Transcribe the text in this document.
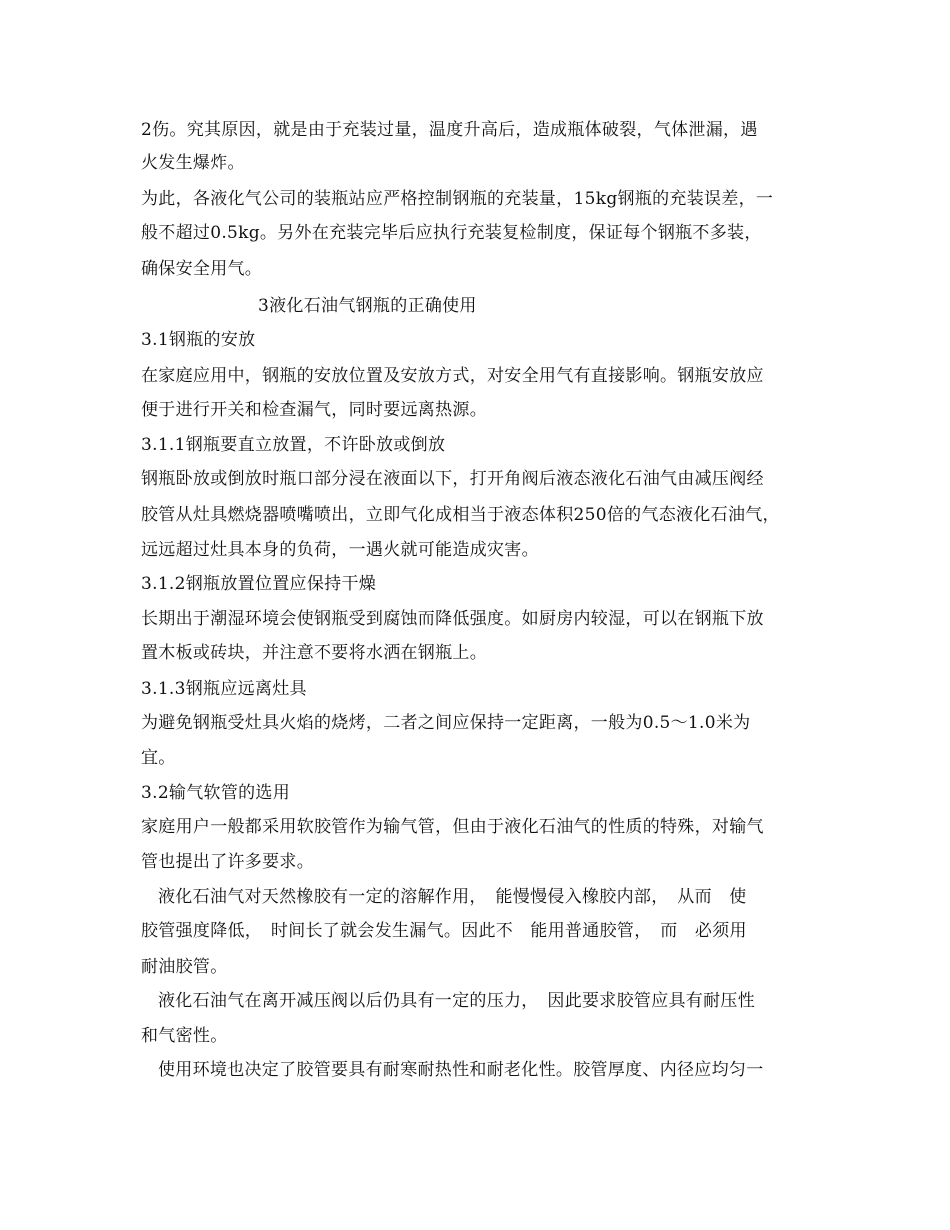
2伤。究其原因，就是由于充装过量，温度升高后，造成瓶体破裂，气体泄漏，遇
火发生爆炸。
为此，各液化气公司的装瓶站应严格控制钢瓶的充装量，15kg钢瓶的充装误差，一
般不超过0.5kg。另外在充装完毕后应执行充装复检制度，保证每个钢瓶不多装，
确保安全用气。
3液化石油气钢瓶的正确使用
3.1钢瓶的安放
在家庭应用中，钢瓶的安放位置及安放方式，对安全用气有直接影响。钢瓶安放应
便于进行开关和检查漏气，同时要远离热源。
3.1.1钢瓶要直立放置，不许卧放或倒放
钢瓶卧放或倒放时瓶口部分浸在液面以下，打开角阀后液态液化石油气由减压阀经
胶管从灶具燃烧器喷嘴喷出，立即气化成相当于液态体积250倍的气态液化石油气，
远远超过灶具本身的负荷，一遇火就可能造成灾害。
3.1.2钢瓶放置位置应保持干燥
长期出于潮湿环境会使钢瓶受到腐蚀而降低强度。如厨房内较湿，可以在钢瓶下放
置木板或砖块，并注意不要将水洒在钢瓶上。
3.1.3钢瓶应远离灶具
为避免钢瓶受灶具火焰的烧烤，二者之间应保持一定距离，一般为0.5～1.0米为
宜。
3.2输气软管的选用
家庭用户一般都采用软胶管作为输气管，但由于液化石油气的性质的特殊，对输气
管也提出了许多要求。
液化石油气对天然橡胶有一定的溶解作用，　能慢慢侵入橡胶内部，　从而　使
胶管强度降低，　时间长了就会发生漏气。因此不　能用普通胶管，　而　必须用
耐油胶管。
液化石油气在离开减压阀以后仍具有一定的压力，　因此要求胶管应具有耐压性
和气密性。
使用环境也决定了胶管要具有耐寒耐热性和耐老化性。胶管厚度、内径应均匀一
